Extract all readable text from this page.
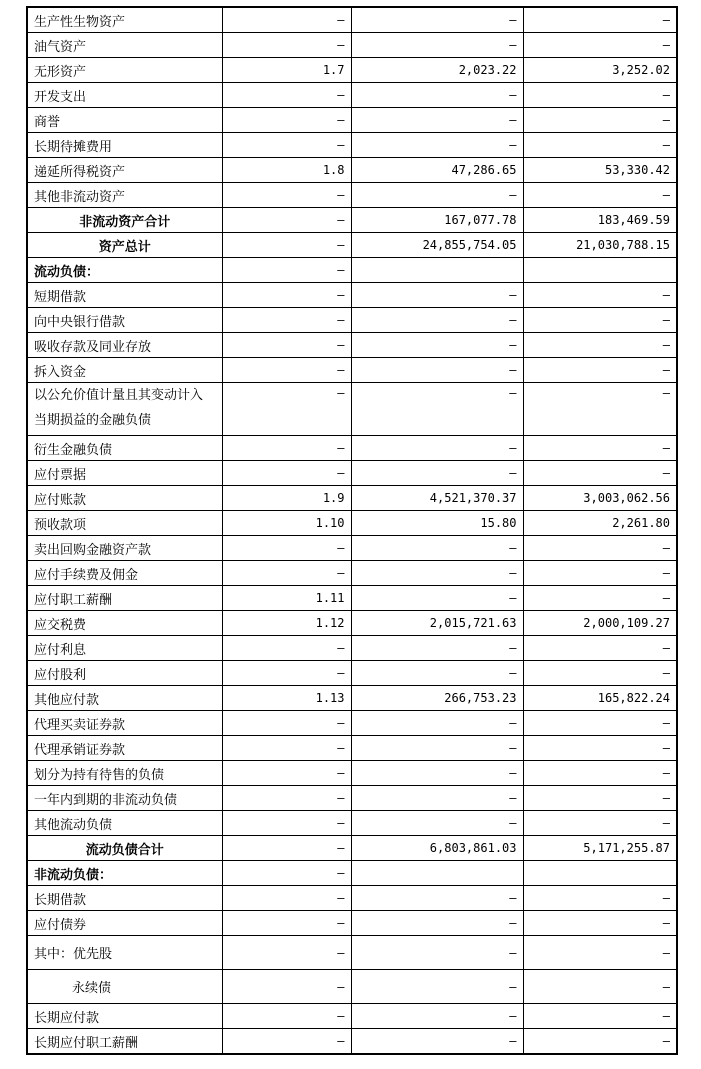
生产性生物资产	–	–	–
油气资产	–	–	–
无形资产	1.7	2,023.22	3,252.02
开发支出	–	–	–
商誉	–	–	–
长期待摊费用	–	–	–
递延所得税资产	1.8	47,286.65	53,330.42
其他非流动资产	–	–	–
非流动资产合计	–	167,077.78	183,469.59
资产总计	–	24,855,754.05	21,030,788.15
流动负债：	–		
短期借款	–	–	–
向中央银行借款	–	–	–
吸收存款及同业存放	–	–	–
拆入资金	–	–	–
以公允价值计量且其变动计入当期损益的金融负债	–	–	–
衍生金融负债	–	–	–
应付票据	–	–	–
应付账款	1.9	4,521,370.37	3,003,062.56
预收款项	1.10	15.80	2,261.80
卖出回购金融资产款	–	–	–
应付手续费及佣金	–	–	–
应付职工薪酬	1.11	–	–
应交税费	1.12	2,015,721.63	2,000,109.27
应付利息	–	–	–
应付股利	–	–	–
其他应付款	1.13	266,753.23	165,822.24
代理买卖证券款	–	–	–
代理承销证券款	–	–	–
划分为持有待售的负债	–	–	–
一年内到期的非流动负债	–	–	–
其他流动负债	–	–	–
流动负债合计	–	6,803,861.03	5,171,255.87
非流动负债：	–		
长期借款	–	–	–
应付债券	–	–	–
其中：优先股	–	–	–
永续债	–	–	–
长期应付款	–	–	–
长期应付职工薪酬	–	–	–
